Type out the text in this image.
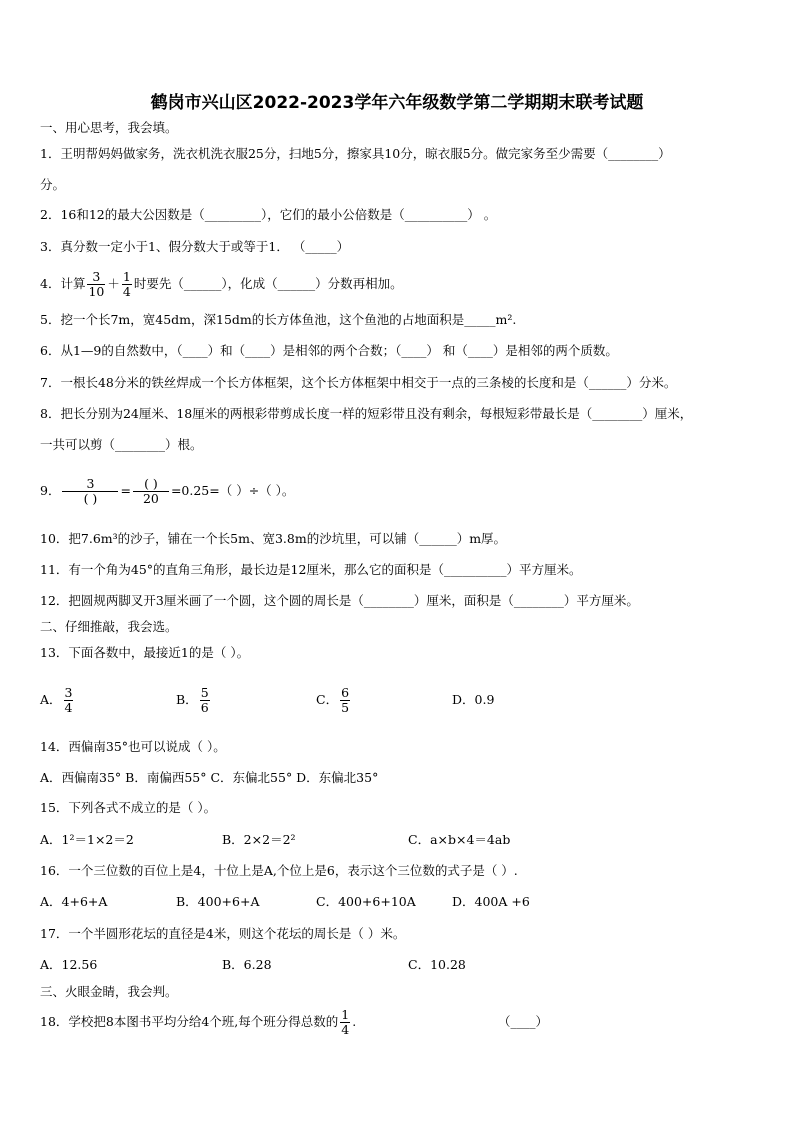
鹤岗市兴山区2022-2023学年六年级数学第二学期期末联考试题
一、用心思考，我会填。
1．王明帮妈妈做家务，洗衣机洗衣服25分，扫地5分，擦家具10分，晾衣服5分。做完家务至少需要（________）
分。
2．16和12的最大公因数是（_________），它们的最小公倍数是（__________） 。
3．真分数一定小于1、假分数大于或等于1． （_____）
4．计算 $\frac{3}{10} + \frac{1}{4}$ 时要先（______），化成（______）分数再相加。
5．挖一个长7m，宽45dm，深15dm的长方体鱼池，这个鱼池的占地面积是_____m².
6．从1—9的自然数中，（____）和（____）是相邻的两个合数；（____） 和（____）是相邻的两个质数。
7．一根长48分米的铁丝焊成一个长方体框架，这个长方体框架中相交于一点的三条棱的长度和是（______）分米。
8．把长分别为24厘米、18厘米的两根彩带剪成长度一样的短彩带且没有剩余，每根短彩带最长是（________）厘米，
一共可以剪（________）根。
9． $\frac{3}{( )} = \frac{( )}{20} =0.25=$（ ）÷（ ）。
10．把7.6m³的沙子，铺在一个长5m、宽3.8m的沙坑里，可以铺（______）m厚。
11．有一个角为45°的直角三角形，最长边是12厘米，那么它的面积是（__________）平方厘米。
12．把圆规两脚叉开3厘米画了一个圆，这个圆的周长是（________）厘米，面积是（________）平方厘米。
二、仔细推敲，我会选。
13．下面各数中，最接近1的是（ ）。
A． $\frac{3}{4}$	B． $\frac{5}{6}$	C． $\frac{6}{5}$	D．0.9
14．西偏南35°也可以说成（ ）。
A．西偏南35° B．南偏西55° C．东偏北55° D．东偏北35°
15．下列各式不成立的是（ ）。
A．1²＝1×2＝2	B．2×2＝2²	C．a×b×4＝4ab
16．一个三位数的百位上是4，十位上是A,个位上是6，表示这个三位数的式子是（ ）.
A．4+6+A	B．400+6+A	C．400+6+10A	D．400A +6
17．一个半圆形花坛的直径是4米，则这个花坛的周长是（ ）米。
A．12.56	B．6.28	C．10.28
三、火眼金睛，我会判。
18．学校把8本图书平均分给4个班,每个班分得总数的 $\frac{1}{4}$ .	（____）
